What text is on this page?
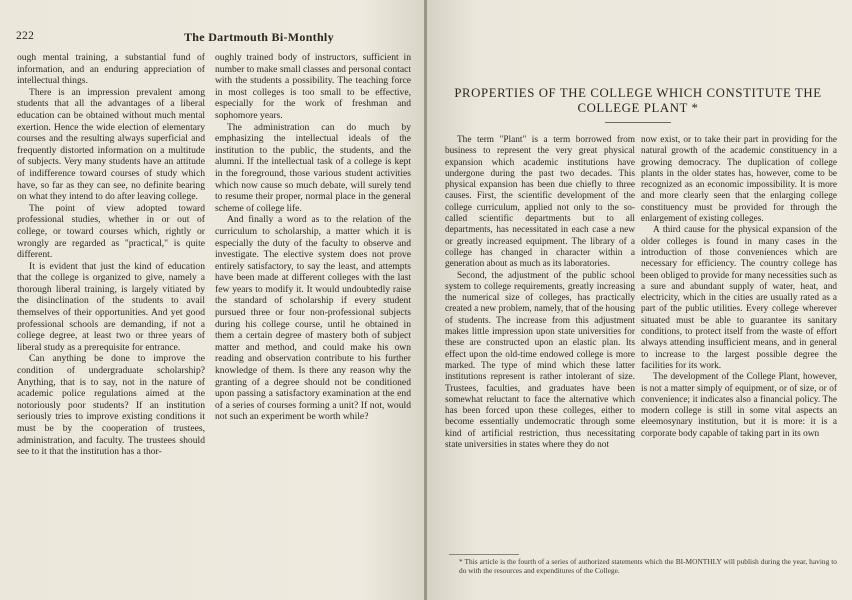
222	The Dartmouth Bi-Monthly

ough mental training, a substantial fund of information, and an enduring appreciation of intellectual things.

There is an impression prevalent among students that all the advantages of a liberal education can be obtained without much mental exertion. Hence the wide election of elementary courses and the resulting always superficial and frequently distorted information on a multitude of subjects. Very many students have an attitude of indifference toward courses of study which have, so far as they can see, no definite bearing on what they intend to do after leaving college.

The point of view adopted toward professional studies, whether in or out of college, or toward courses which, rightly or wrongly are regarded as "practical," is quite different.

It is evident that just the kind of education that the college is organized to give, namely a thorough liberal training, is largely vitiated by the disinclination of the students to avail themselves of their opportunities. And yet good professional schools are demanding, if not a college degree, at least two or three years of liberal study as a prerequisite for entrance.

Can anything be done to improve the condition of undergraduate scholarship? Anything, that is to say, not in the nature of academic police regulations aimed at the notoriously poor students? If an institution seriously tries to improve existing conditions it must be by the cooperation of trustees, administration, and faculty. The trustees should see to it that the institution has a thor-

oughly trained body of instructors, sufficient in number to make small classes and personal contact with the students a possibility. The teaching force in most colleges is too small to be effective, especially for the work of freshman and sophomore years.

The administration can do much by emphasizing the intellectual ideals of the institution to the public, the students, and the alumni. If the intellectual task of a college is kept in the foreground, those various student activities which now cause so much debate, will surely tend to resume their proper, normal place in the general scheme of college life.

And finally a word as to the relation of the curriculum to scholarship, a matter which it is especially the duty of the faculty to observe and investigate. The elective system does not prove entirely satisfactory, to say the least, and attempts have been made at different colleges with the last few years to modify it. It would undoubtedly raise the standard of scholarship if every student pursued three or four non-professional subjects during his college course, until he obtained in them a certain degree of mastery both of subject matter and method, and could make his own reading and observation contribute to his further knowledge of them. Is there any reason why the granting of a degree should not be conditioned upon passing a satisfactory examination at the end of a series of courses forming a unit? If not, would not such an experiment be worth while?

PROPERTIES OF THE COLLEGE WHICH CONSTITUTE THE COLLEGE PLANT *

The term "Plant" is a term borrowed from business to represent the very great physical expansion which academic institutions have undergone during the past two decades. This physical expansion has been due chiefly to three causes. First, the scientific development of the college curriculum, applied not only to the so-called scientific departments but to all departments, has necessitated in each case a new or greatly increased equipment. The library of a college has changed in character within a generation about as much as its laboratories.

Second, the adjustment of the public school system to college requirements, greatly increasing the numerical size of colleges, has practically created a new problem, namely, that of the housing of students. The increase from this adjustment makes little impression upon state universities for these are constructed upon an elastic plan. Its effect upon the old-time endowed college is more marked. The type of mind which these latter institutions represent is rather intolerant of size. Trustees, faculties, and graduates have been somewhat reluctant to face the alternative which has been forced upon these colleges, either to become essentially undemocratic through some kind of artificial restriction, thus necessitating state universities in states where they do not

now exist, or to take their part in providing for the natural growth of the academic constituency in a growing democracy. The duplication of college plants in the older states has, however, come to be recognized as an economic impossibility. It is more and more clearly seen that the enlarging college constituency must be provided for through the enlargement of existing colleges.

A third cause for the physical expansion of the older colleges is found in many cases in the introduction of those conveniences which are necessary for efficiency. The country college has been obliged to provide for many necessities such as a sure and abundant supply of water, heat, and electricity, which in the cities are usually rated as a part of the public utilities. Every college wherever situated must be able to guarantee its sanitary conditions, to protect itself from the waste of effort always attending insufficient means, and in general to increase to the largest possible degree the facilities for its work.

The development of the College Plant, however, is not a matter simply of equipment, or of size, or of convenience; it indicates also a financial policy. The modern college is still in some vital aspects an eleemosynary institution, but it is more: it is a corporate body capable of taking part in its own

* This article is the fourth of a series of authorized statements which the BI-MONTHLY will publish during the year, having to do with the resources and expenditures of the College.
